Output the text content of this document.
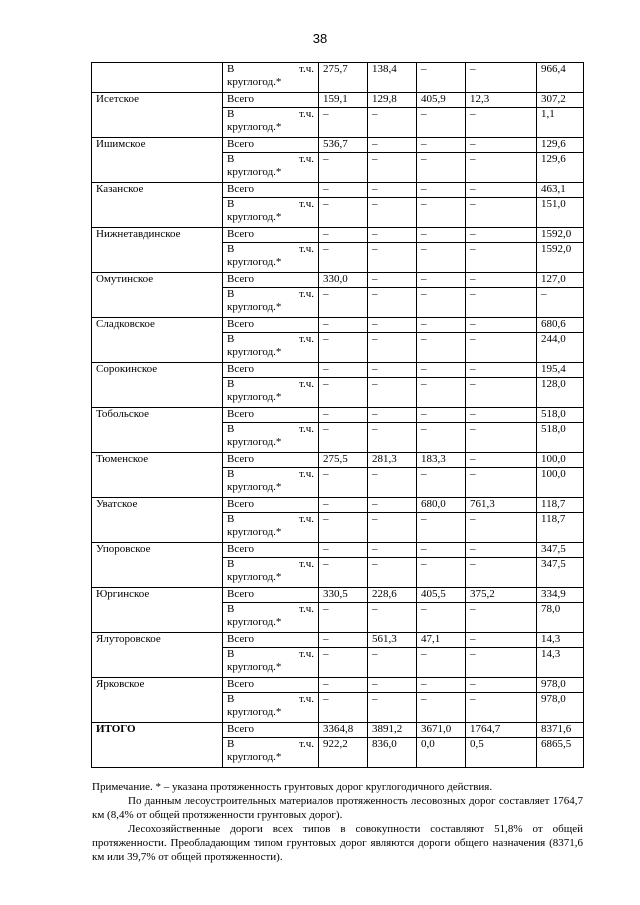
38

	В т.ч.
круглогод.*	275,7	138,4	–	–	966,4
Исетское	Всего	159,1	129,8	405,9	12,3	307,2

	В т.ч.
круглогод.*	–	–	–	–	1,1
Ишимское	Всего	536,7	–	–	–	129,6

	В т.ч.
круглогод.*	–	–	–	–	129,6
Казанское	Всего	–	–	–	–	463,1

	В т.ч.
круглогод.*	–	–	–	–	151,0
Нижнетавдинское	Всего	–	–	–	–	1592,0

	В т.ч.
круглогод.*	–	–	–	–	1592,0
Омутинское	Всего	330,0	–	–	–	127,0

	В т.ч.
круглогод.*	–	–	–	–	–
Сладковское	Всего	–	–	–	–	680,6

	В т.ч.
круглогод.*	–	–	–	–	244,0
Сорокинское	Всего	–	–	–	–	195,4

	В т.ч.
круглогод.*	–	–	–	–	128,0
Тобольское	Всего	–	–	–	–	518,0

	В т.ч.
круглогод.*	–	–	–	–	518,0
Тюменское	Всего	275,5	281,3	183,3	–	100,0

	В т.ч.
круглогод.*	–	–	–	–	100,0
Уватское	Всего	–	–	680,0	761,3	118,7

	В т.ч.
круглогод.*	–	–	–	–	118,7
Упоровское	Всего	–	–	–	–	347,5

	В т.ч.
круглогод.*	–	–	–	–	347,5
Юргинское	Всего	330,5	228,6	405,5	375,2	334,9

	В т.ч.
круглогод.*	–	–	–	–	78,0
Ялуторовское	Всего	–	561,3	47,1	–	14,3

	В т.ч.
круглогод.*	–	–	–	–	14,3
Ярковское	Всего	–	–	–	–	978,0

	В т.ч.
круглогод.*	–	–	–	–	978,0
ИТОГО	Всего	3364,8	3891,2	3671,0	1764,7	8371,6

	В т.ч.
круглогод.*	922,2	836,0	0,0	0,5	6865,5

Примечание. * – указана протяженность грунтовых дорог круглогодичного действия.

По данным лесоустроительных материалов протяженность лесовозных дорог составляет 1764,7 км (8,4% от общей протяженности грунтовых дорог).

Лесохозяйственные дороги всех типов в совокупности составляют 51,8% от общей протяженности. Преобладающим типом грунтовых дорог являются дороги общего назначения (8371,6 км или 39,7% от общей протяженности).
